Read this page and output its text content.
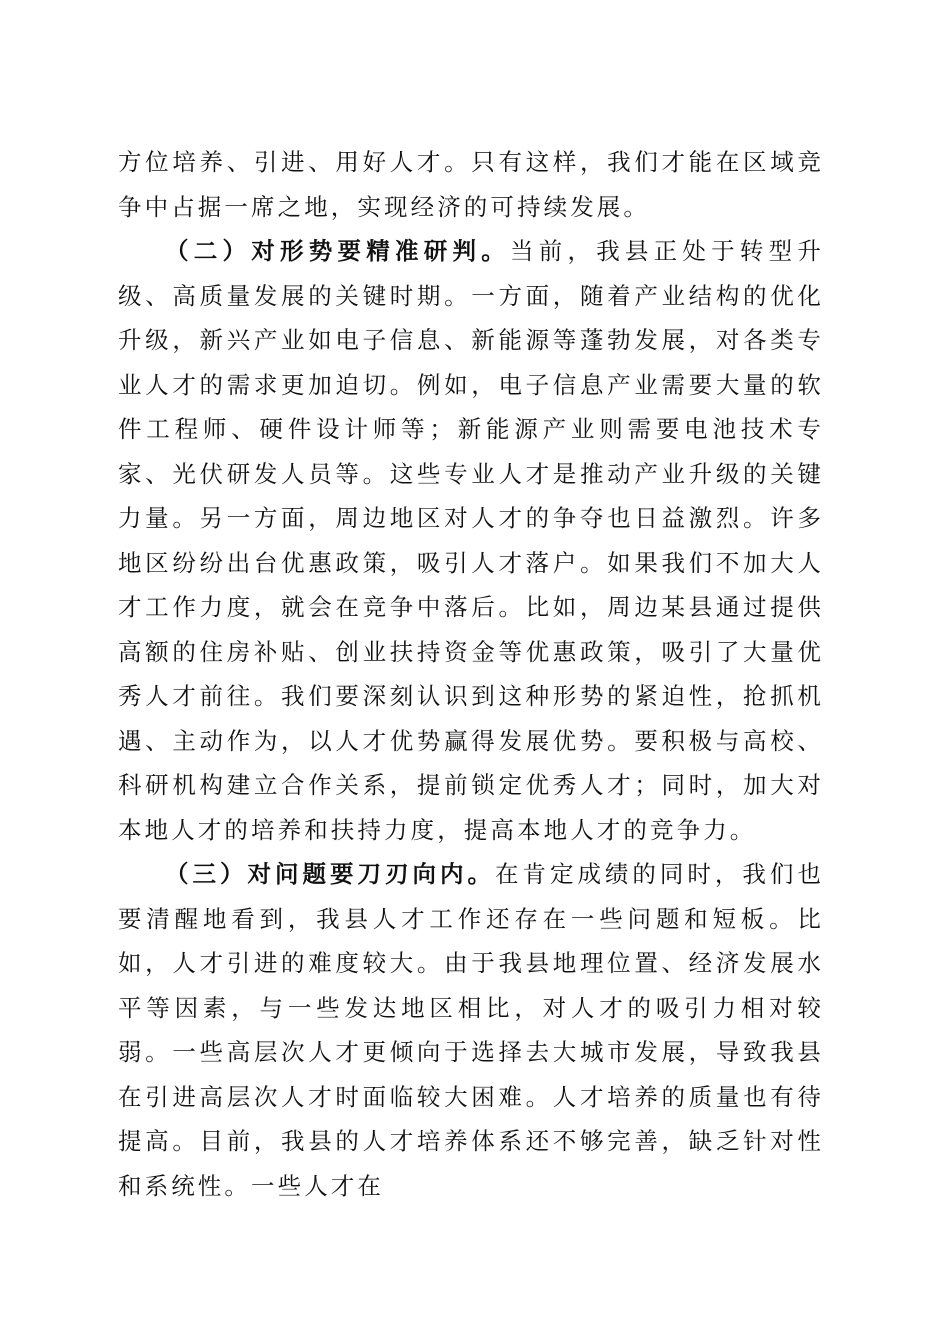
方位培养、引进、用好人才。只有这样，我们才能在区域竞争中占据一席之地，实现经济的可持续发展。

（二）对形势要精准研判。当前，我县正处于转型升级、高质量发展的关键时期。一方面，随着产业结构的优化升级，新兴产业如电子信息、新能源等蓬勃发展，对各类专业人才的需求更加迫切。例如，电子信息产业需要大量的软件工程师、硬件设计师等；新能源产业则需要电池技术专家、光伏研发人员等。这些专业人才是推动产业升级的关键力量。另一方面，周边地区对人才的争夺也日益激烈。许多地区纷纷出台优惠政策，吸引人才落户。如果我们不加大人才工作力度，就会在竞争中落后。比如，周边某县通过提供高额的住房补贴、创业扶持资金等优惠政策，吸引了大量优秀人才前往。我们要深刻认识到这种形势的紧迫性，抢抓机遇、主动作为，以人才优势赢得发展优势。要积极与高校、科研机构建立合作关系，提前锁定优秀人才；同时，加大对本地人才的培养和扶持力度，提高本地人才的竞争力。

（三）对问题要刀刃向内。在肯定成绩的同时，我们也要清醒地看到，我县人才工作还存在一些问题和短板。比如，人才引进的难度较大。由于我县地理位置、经济发展水平等因素，与一些发达地区相比，对人才的吸引力相对较弱。一些高层次人才更倾向于选择去大城市发展，导致我县在引进高层次人才时面临较大困难。人才培养的质量也有待提高。目前，我县的人才培养体系还不够完善，缺乏针对性和系统性。一些人才在
